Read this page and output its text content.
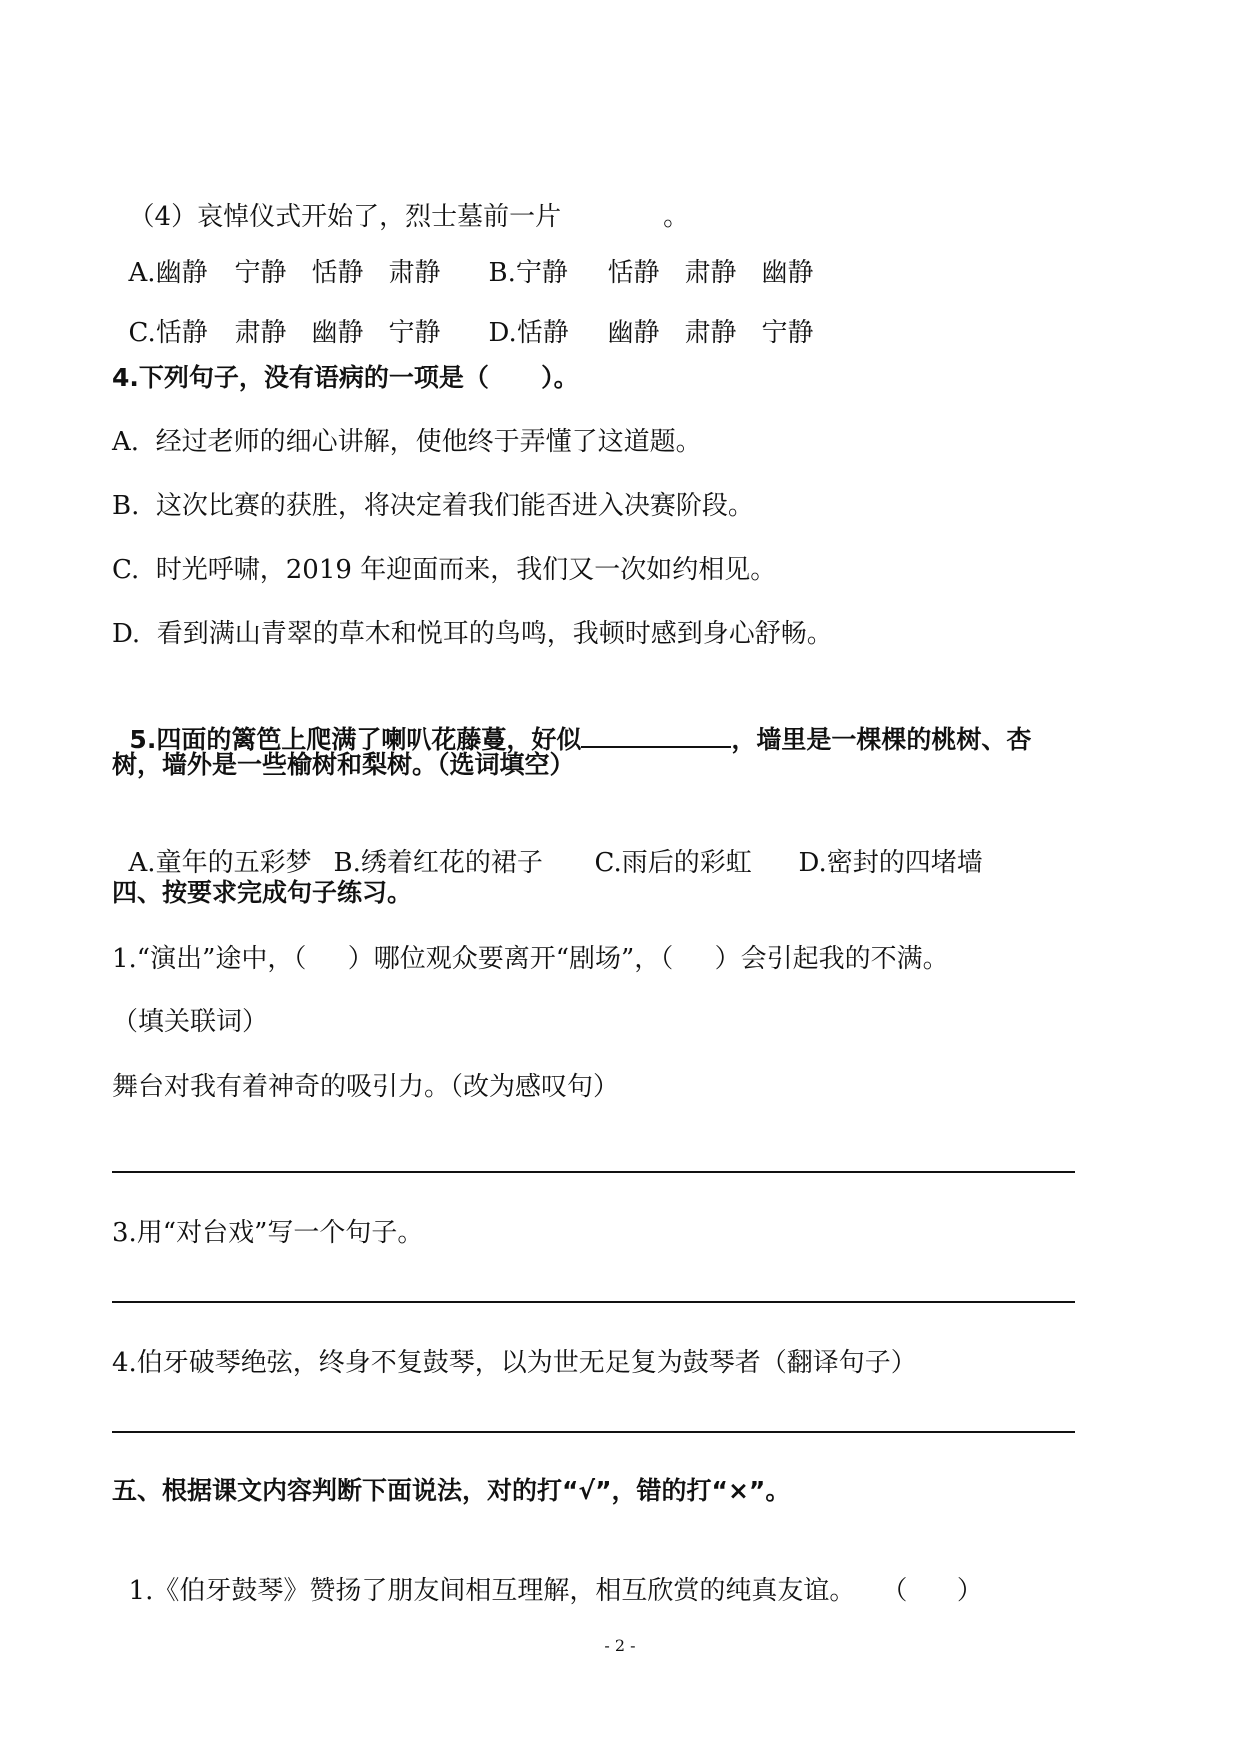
（4）哀悼仪式开始了，烈士墓前一片	。

A.幽静 宁静 恬静 肃静 B.宁静 恬静 肃静 幽静

C.恬静 肃静 幽静 宁静 D.恬静 幽静 肃静 宁静

4.下列句子，没有语病的一项是（      ）。
A.  经过老师的细心讲解，使他终于弄懂了这道题。
B.  这次比赛的获胜，将决定着我们能否进入决赛阶段。
C.  时光呼啸，2019 年迎面而来，我们又一次如约相见。
D.  看到满山青翠的草木和悦耳的鸟鸣，我顿时感到身心舒畅。

5.四面的篱笆上爬满了喇叭花藤蔓，好似	，墙里是一棵棵的桃树、杏

树，墙外是一些榆树和梨树。（选词填空）

A.童年的五彩梦 B.绣着红花的裙子 C.雨后的彩虹 D.密封的四堵墙

四、按要求完成句子练习。
1.“演出”途中，（     ）哪位观众要离开“剧场”，（     ）会引起我的不满。
（填关联词）
舞台对我有着神奇的吸引力。（改为感叹句）
3.用“对台戏”写一个句子。
4.伯牙破琴绝弦，终身不复鼓琴，以为世无足复为鼓琴者（翻译句子）
五、根据课文内容判断下面说法，对的打“√”，错的打“×”。

1.《伯牙鼓琴》赞扬了朋友间相互理解，相互欣赏的纯真友谊。 （      ）

- 2 -
